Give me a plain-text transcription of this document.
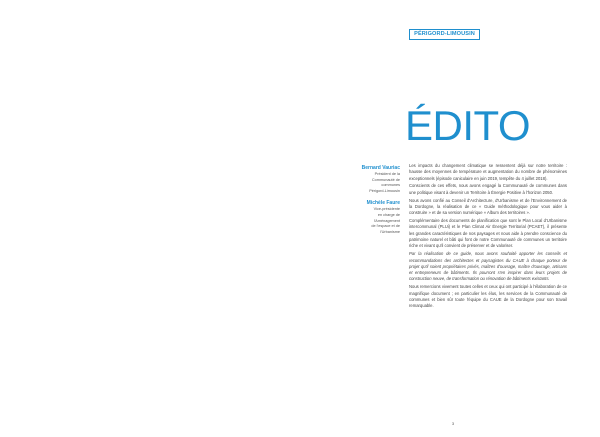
PÉRIGORD-LIMOUSIN
ÉDITO
Bernard Vauriac
Président de la
Communauté de
communes
Périgord-Limousin
Michèle Faure
Vice-présidente
en charge de
l'Aménagement
de l'espace et de
l'Urbanisme

Les impacts du changement climatique se ressentent déjà sur notre territoire : hausse des moyennes de température et augmentation du nombre de phénomènes exceptionnels (épisode caniculaire en juin 2019, tempête du 4 juillet 2018).

Conscients de ces effets, nous avons engagé la Communauté de communes dans une politique visant à devenir un Territoire à Énergie Positive à l'horizon 2050.

Nous avons confié au Conseil d'Architecture, d'Urbanisme et de l'Environnement de la Dordogne, la réalisation de ce « Guide méthodologique pour vous aider à construire » et de sa version numérique « Album des territoires ».

Complémentaire des documents de planification que sont le Plan Local d'Urbanisme intercommunal (PLUi) et le Plan Climat Air Énergie Territorial (PCAET), il présente les grandes caractéristiques de nos paysages et nous aide à prendre conscience du patrimoine naturel et bâti qui font de notre Communauté de communes un territoire riche et vivant qu'il convient de préserver et de valoriser.

Par la réalisation de ce guide, nous avons souhaité apporter les conseils et recommandations des architectes et paysagistes du CAUE à chaque porteur de projet qu'il soient propriétaires privés, maîtres d'ouvrage, maître d'ouvrage, artisans et entrepreneurs de bâtiments. Ils pourront s'en inspirer dans leurs projets de construction neuve, de transformation ou rénovation de bâtiments existants.

Nous remercions vivement toutes celles et ceux qui ont participé à l'élaboration de ce magnifique document ; en particulier les élus, les services de la Communauté de communes et bien sûr toute l'équipe du CAUE de la Dordogne pour son travail remarquable.

3
